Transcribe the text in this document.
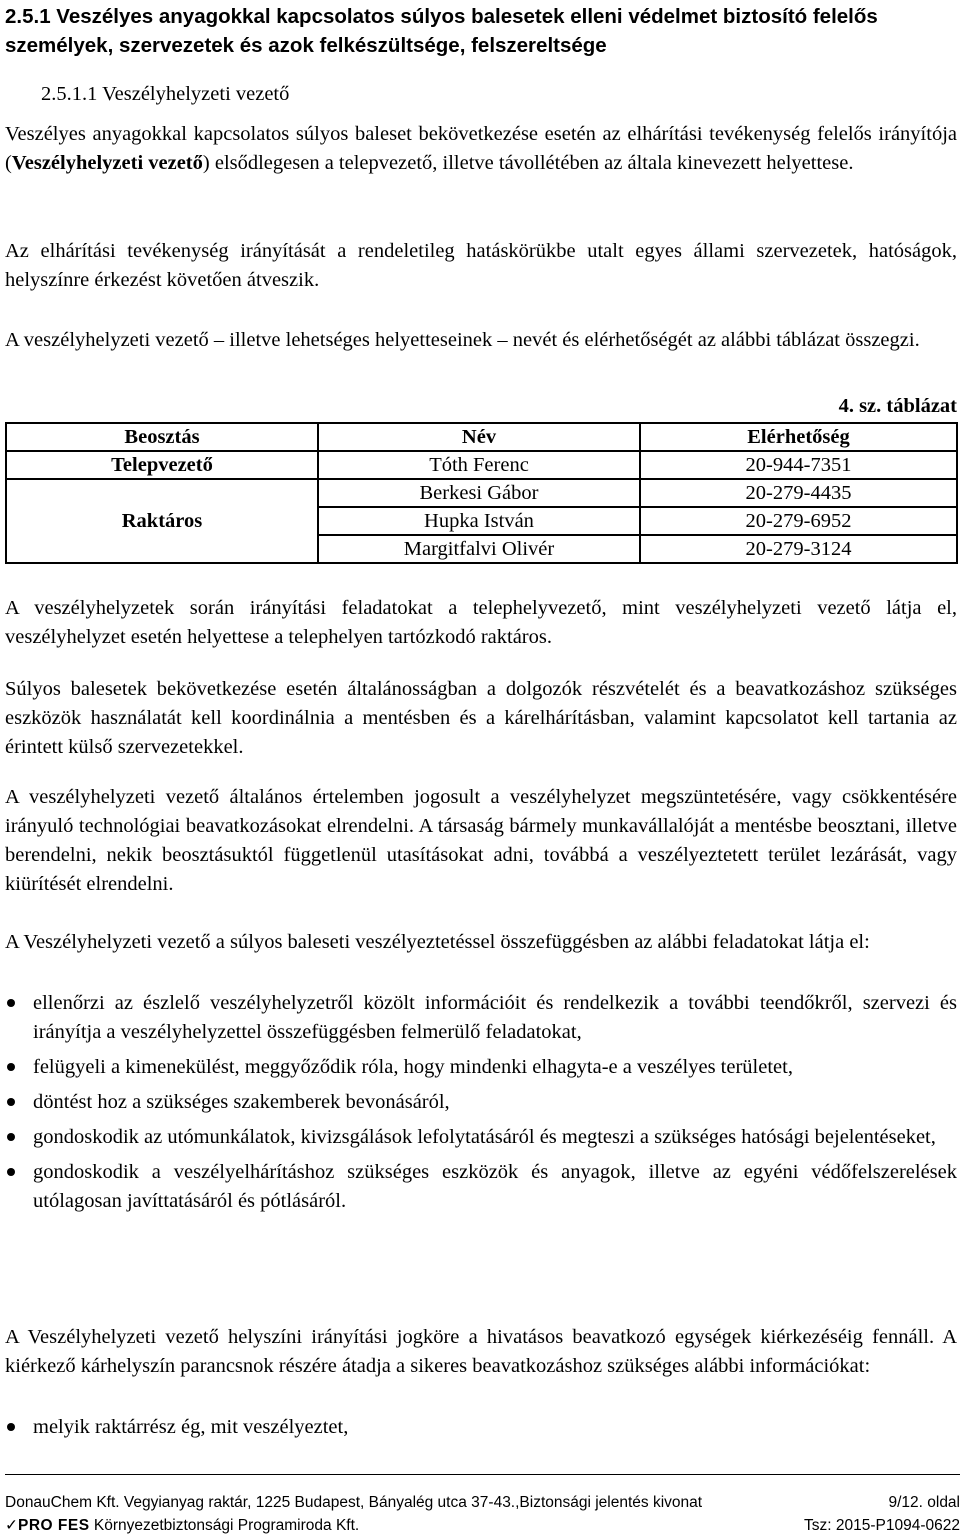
2.5.1 Veszélyes anyagokkal kapcsolatos súlyos balesetek elleni védelmet biztosító felelős személyek, szervezetek és azok felkészültsége, felszereltsége
2.5.1.1 Veszélyhelyzeti vezető
Veszélyes anyagokkal kapcsolatos súlyos baleset bekövetkezése esetén az elhárítási tevékenység felelős irányítója (Veszélyhelyzeti vezető) elsődlegesen a telepvezető, illetve távollétében az általa kinevezett helyettese.
Az elhárítási tevékenység irányítását a rendeletileg hatáskörükbe utalt egyes állami szervezetek, hatóságok, helyszínre érkezést követően átveszik.
A veszélyhelyzeti vezető – illetve lehetséges helyetteseinek – nevét és elérhetőségét az alábbi táblázat összegzi.
4. sz. táblázat
Beosztás	Név	Elérhetőség
Telepvezető	Tóth Ferenc	20-944-7351
Raktáros	Berkesi Gábor	20-279-4435
	Hupka István	20-279-6952
	Margitfalvi Olivér	20-279-3124
A veszélyhelyzetek során irányítási feladatokat a telephelyvezető, mint veszélyhelyzeti vezető látja el, veszélyhelyzet esetén helyettese a telephelyen tartózkodó raktáros.
Súlyos balesetek bekövetkezése esetén általánosságban a dolgozók részvételét és a beavatkozáshoz szükséges eszközök használatát kell koordinálnia a mentésben és a kárelhárításban, valamint kapcsolatot kell tartania az érintett külső szervezetekkel.
A veszélyhelyzeti vezető általános értelemben jogosult a veszélyhelyzet megszüntetésére, vagy csökkentésére irányuló technológiai beavatkozásokat elrendelni. A társaság bármely munkavállalóját a mentésbe beosztani, illetve berendelni, nekik beosztásuktól függetlenül utasításokat adni, továbbá a veszélyeztetett terület lezárását, vagy kiürítését elrendelni.
A Veszélyhelyzeti vezető a súlyos baleseti veszélyeztetéssel összefüggésben az alábbi feladatokat látja el:
ellenőrzi az észlelő veszélyhelyzetről közölt információit és rendelkezik a további teendőkről, szervezi és irányítja a veszélyhelyzettel összefüggésben felmerülő feladatokat,
felügyeli a kimenekülést, meggyőződik róla, hogy mindenki elhagyta-e a veszélyes területet,
döntést hoz a szükséges szakemberek bevonásáról,
gondoskodik az utómunkálatok, kivizsgálások lefolytatásáról és megteszi a szükséges hatósági bejelentéseket,
gondoskodik a veszélyelhárításhoz szükséges eszközök és anyagok, illetve az egyéni védőfelszerelések utólagosan javíttatásáról és pótlásáról.
A Veszélyhelyzeti vezető helyszíni irányítási jogköre a hivatásos beavatkozó egységek kiérkezéséig fennáll. A kiérkező kárhelyszín parancsnok részére átadja a sikeres beavatkozáshoz szükséges alábbi információkat:
melyik raktárrész ég, mit veszélyeztet,
DonauChem Kft. Vegyianyag raktár, 1225 Budapest, Bányalég utca 37-43.,Biztonsági jelentés kivonat	9/12. oldal
✓PRO FES Környezetbiztonsági Programiroda Kft.	Tsz: 2015-P1094-0622
